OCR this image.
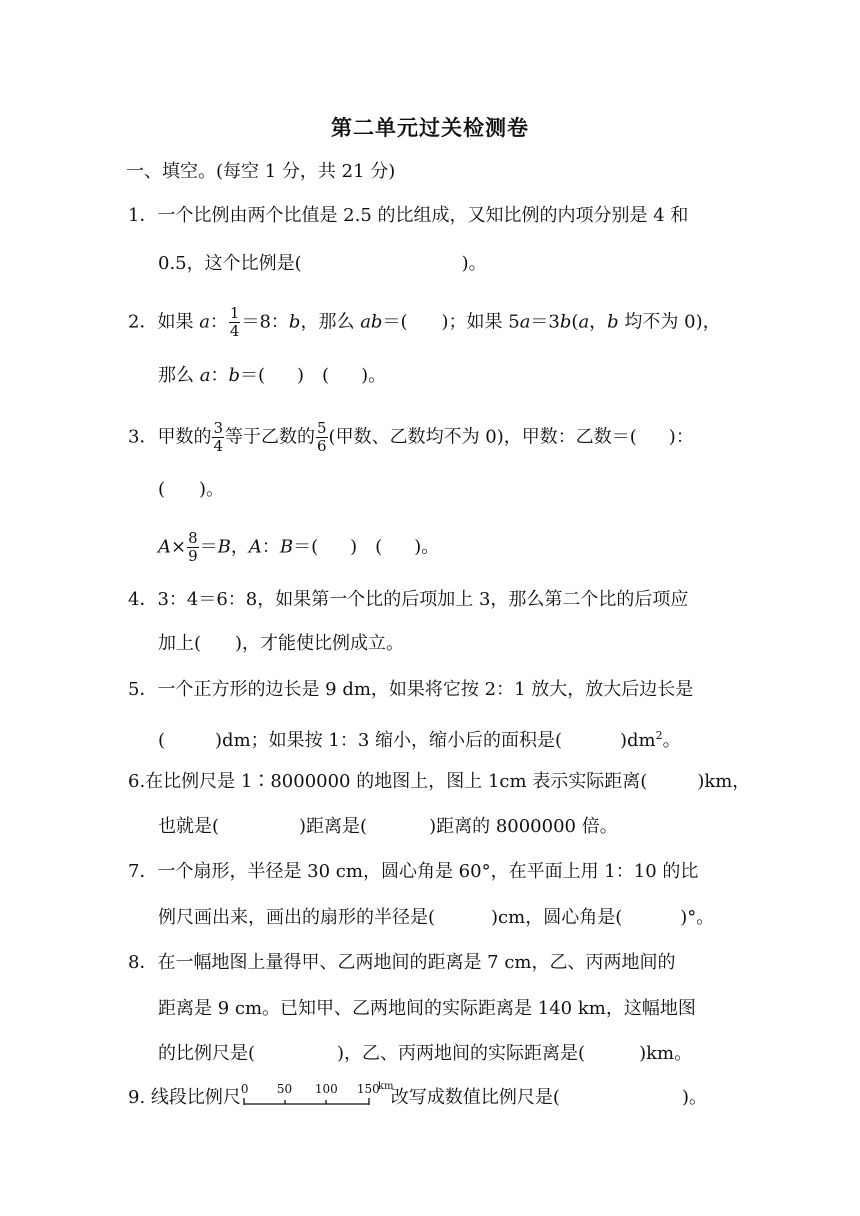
第二单元过关检测卷
一、填空。(每空 1 分，共 21 分)
1．一个比例由两个比值是 2.5 的比组成，又知比例的内项分别是 4 和
0.5，这个比例是(	)。
2．如果 a： $\frac{1}{4} =8$：b，那么 ab＝( )；如果 5a＝3b(a，b 均不为 0)，
那么 a：b＝( )　( )。
3．甲数的 $\frac{3}{4}$ 等于乙数的 $\frac{5}{6}$ (甲数、乙数均不为 0)，甲数：乙数＝( )：
( )。
$A\times \frac{8}{9} =B$，A：B＝( )　( )。
4．3：4＝6：8，如果第一个比的后项加上 3，那么第二个比的后项应
加上( )，才能使比例成立。
5．一个正方形的边长是 9 dm，如果将它按 2：1 放大，放大后边长是
(	)dm；如果按 1：3 缩小，缩小后的面积是(	)$dm^2$。
6.在比例尺是 1∶8000000 的地图上，图上 1cm 表示实际距离(	)km，
也就是(	)距离是(	)距离的 8000000 倍。
7．一个扇形，半径是 30 cm，圆心角是 60°，在平面上用 1：10 的比
例尺画出来，画出的扇形的半径是(	)cm，圆心角是(	)°。
8．在一幅地图上量得甲、乙两地间的距离是 7 cm，乙、丙两地间的
距离是 9 cm。已知甲、乙两地间的实际距离是 140 km，这幅地图
的比例尺是(	)，乙、丙两地间的实际距离是(	)km。
9. 线段比例尺 0 50 100 150
km
改写成数值比例尺是(	)。
